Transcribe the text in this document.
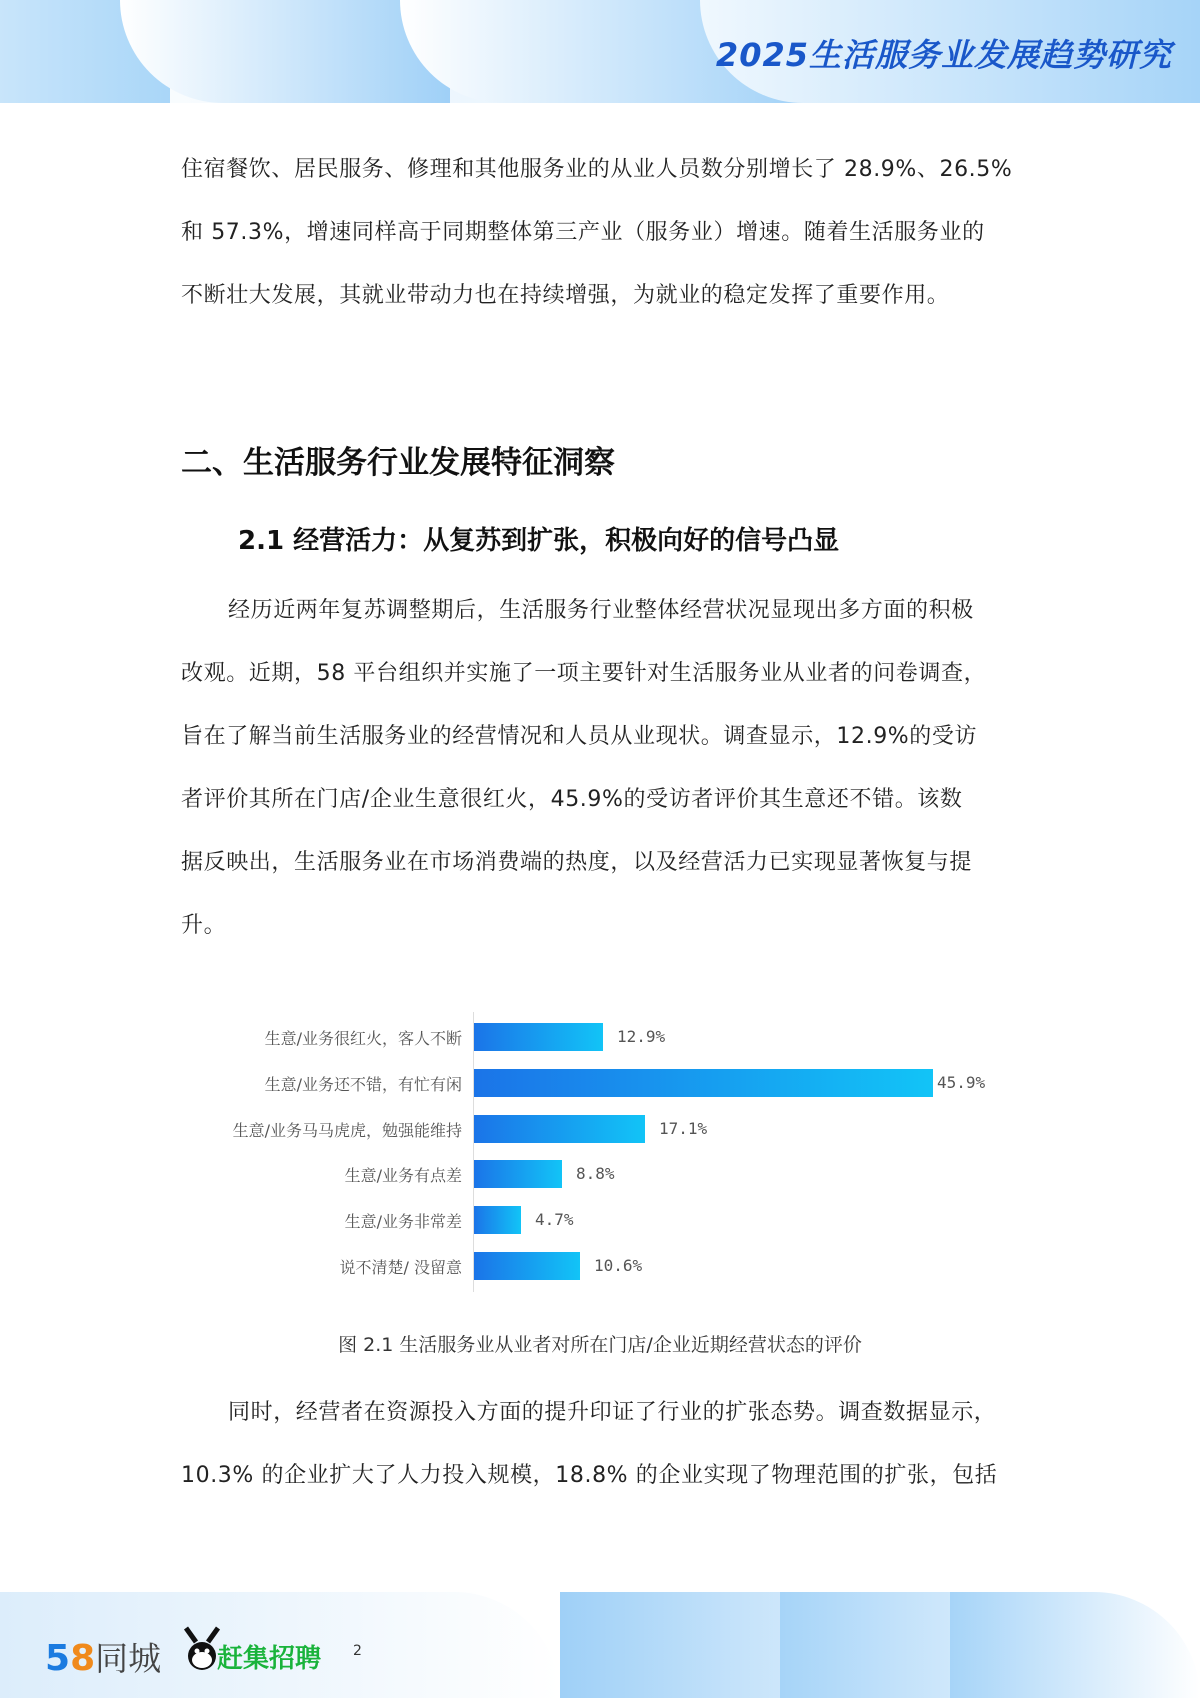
2025生活服务业发展趋势研究
住宿餐饮、居民服务、修理和其他服务业的从业人员数分别增长了 28.9%、26.5%
和 57.3%，增速同样高于同期整体第三产业（服务业）增速。随着生活服务业的
不断壮大发展，其就业带动力也在持续增强，为就业的稳定发挥了重要作用。
二、生活服务行业发展特征洞察
2.1 经营活力：从复苏到扩张，积极向好的信号凸显
经历近两年复苏调整期后，生活服务行业整体经营状况显现出多方面的积极
改观。近期，58 平台组织并实施了一项主要针对生活服务业从业者的问卷调查，
旨在了解当前生活服务业的经营情况和人员从业现状。调查显示，12.9%的受访
者评价其所在门店/企业生意很红火，45.9%的受访者评价其生意还不错。该数
据反映出，生活服务业在市场消费端的热度，以及经营活力已实现显著恢复与提
升。
生意/业务很红火，客人不断	12.9%
生意/业务还不错，有忙有闲	45.9%
生意/业务马马虎虎，勉强能维持	17.1%
生意/业务有点差	8.8%
生意/业务非常差	4.7%
说不清楚/ 没留意	10.6%
图 2.1 生活服务业从业者对所在门店/企业近期经营状态的评价
同时，经营者在资源投入方面的提升印证了行业的扩张态势。调查数据显示，
10.3% 的企业扩大了人力投入规模，18.8% 的企业实现了物理范围的扩张，包括
58同城 赶集招聘 2
